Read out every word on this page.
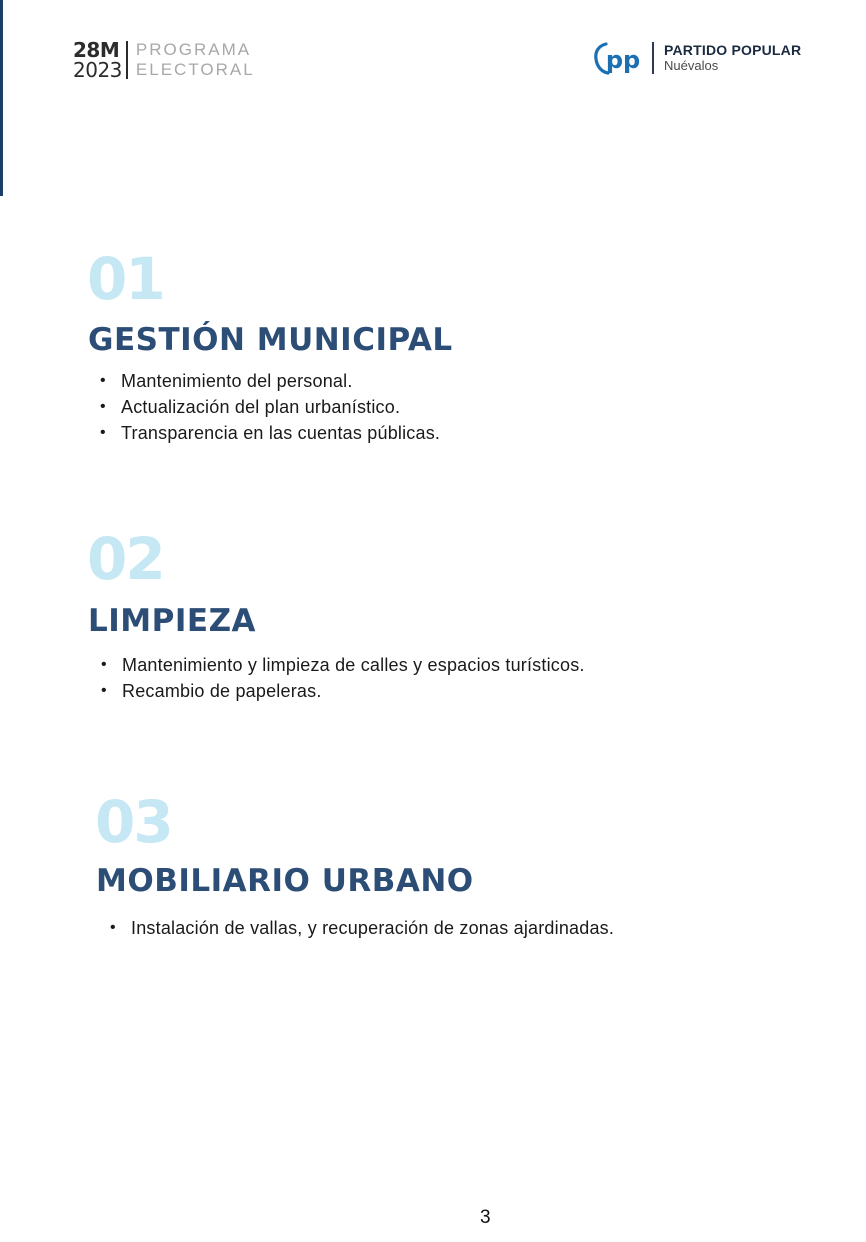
28M
2023
PROGRAMA
ELECTORAL	pp PARTIDO POPULAR
Nuévalos
01
GESTIÓN MUNICIPAL
• Mantenimiento del personal.
• Actualización del plan urbanístico.
• Transparencia en las cuentas públicas.
02
LIMPIEZA
• Mantenimiento y limpieza de calles y espacios turísticos.
• Recambio de papeleras.
03
MOBILIARIO URBANO
• Instalación de vallas, y recuperación de zonas ajardinadas.
3
